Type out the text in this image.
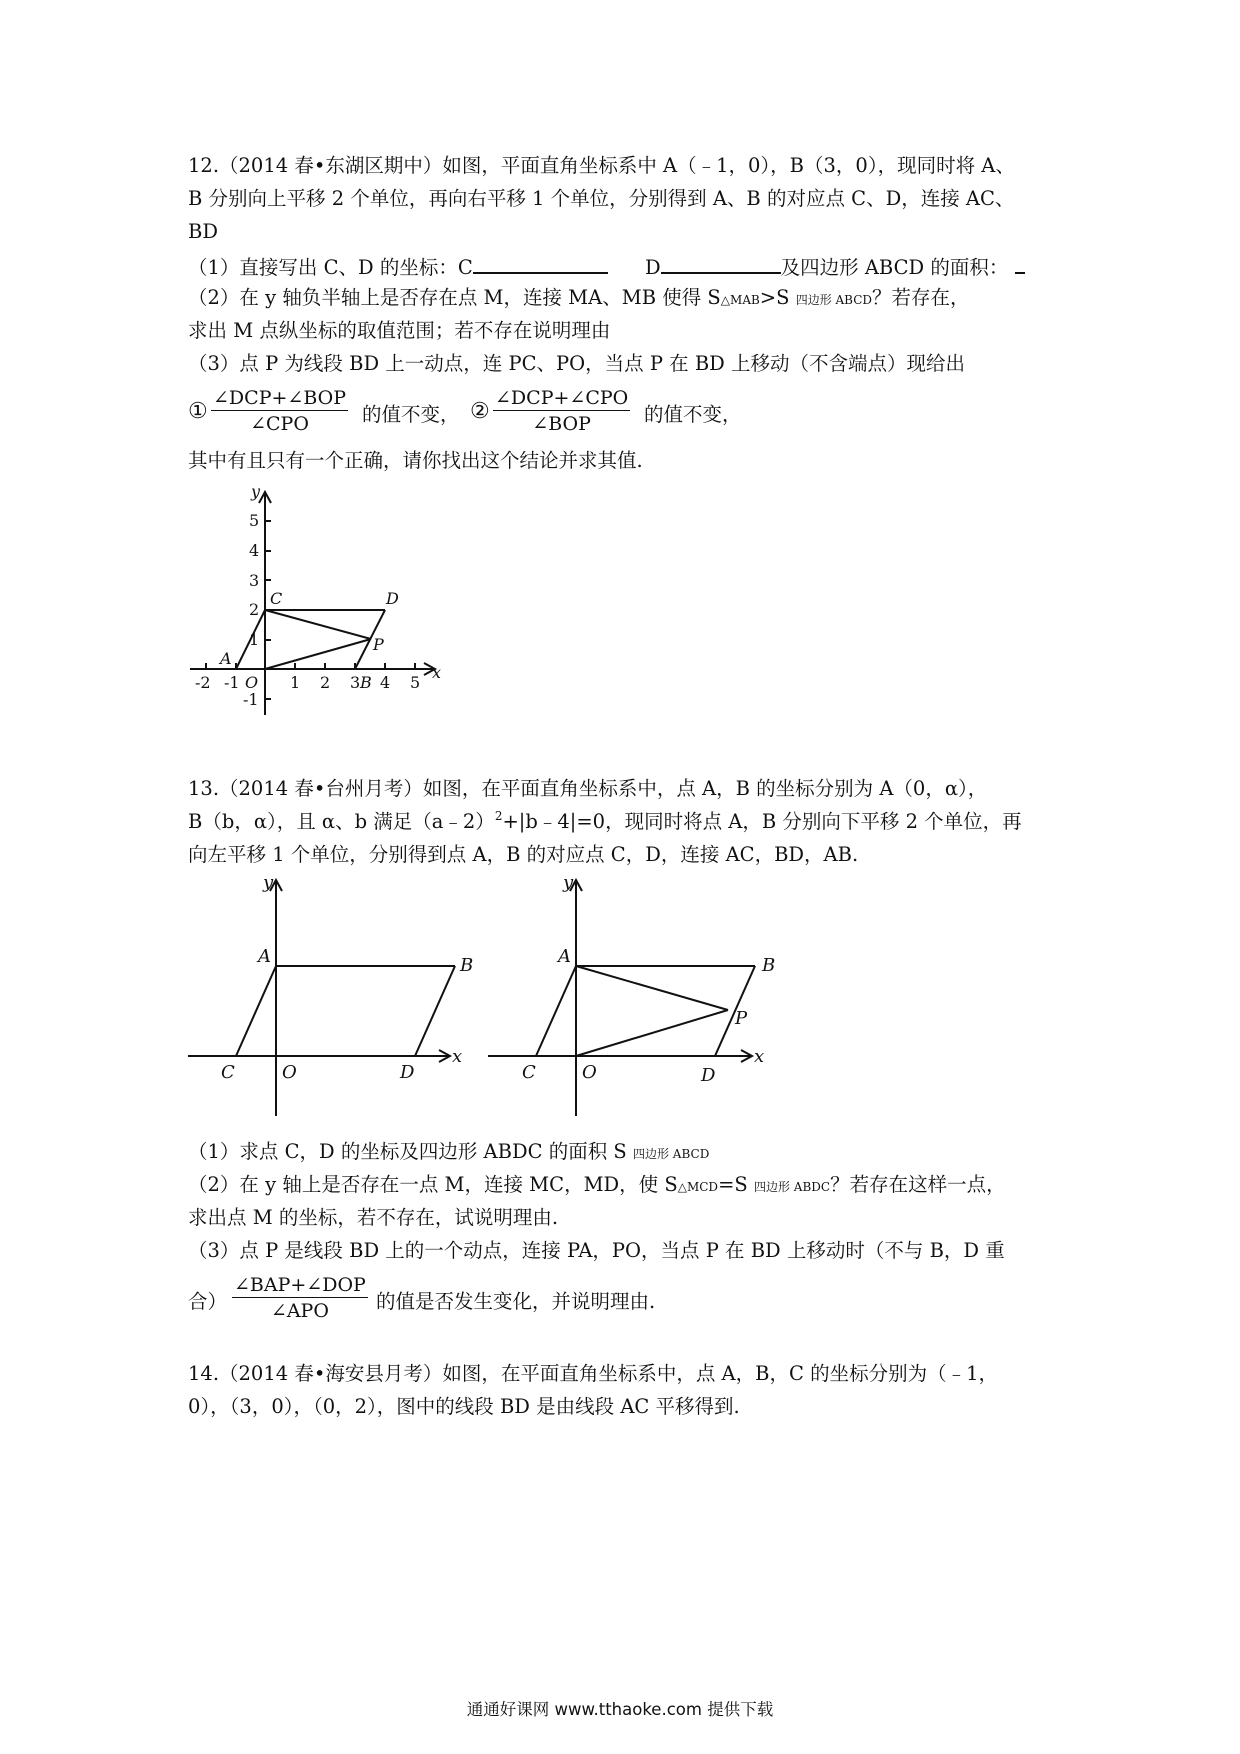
12.（2014 春•东湖区期中）如图，平面直角坐标系中 A（﹣1，0），B（3，0），现同时将 A、
B 分别向上平移 2 个单位，再向右平移 1 个单位，分别得到 A、B 的对应点 C、D，连接 AC、
BD
（1）直接写出 C、D 的坐标：C	D	及四边形 ABCD 的面积：
（2）在 y 轴负半轴上是否存在点 M，连接 MA、MB 使得 S△MAB>S 四边形 ABCD？若存在，
求出 M 点纵坐标的取值范围；若不存在说明理由
（3）点 P 为线段 BD 上一动点，连 PC、PO，当点 P 在 BD 上移动（不含端点）现给出
①
∠DCP+∠BOP
∠CPO	的值不变， ②
∠DCP+∠CPO
∠BOP	的值不变，
其中有且只有一个正确，请你找出这个结论并求其值.
y
x
5
4
3
2
1
-1
-2 -1	1 2 3 4 5
O
A
B
C	D
P
13.（2014 春•台州月考）如图，在平面直角坐标系中，点 A，B 的坐标分别为 A（0，α），
B（b，α），且 α、b 满足（a﹣2）$^2$+|b﹣4|=0，现同时将点 A，B 分别向下平移 2 个单位，再
向左平移 1 个单位，分别得到点 A，B 的对应点 C，D，连接 AC，BD，AB.
y
x
O
A	B
C	D
y
x
O
A	B
C	D
P
（1）求点 C，D 的坐标及四边形 ABDC 的面积 S 四边形 ABCD
（2）在 y 轴上是否存在一点 M，连接 MC，MD，使 S△MCD=S 四边形 ABDC？若存在这样一点，
求出点 M 的坐标，若不存在，试说明理由.
（3）点 P 是线段 BD 上的一个动点，连接 PA，PO，当点 P 在 BD 上移动时（不与 B，D 重
合）
∠BAP+∠DOP
∠APO	的值是否发生变化，并说明理由.
14.（2014 春•海安县月考）如图，在平面直角坐标系中，点 A，B，C 的坐标分别为（﹣1，
0），（3，0），（0，2），图中的线段 BD 是由线段 AC 平移得到.
通通好课网 www.tthaoke.com 提供下载
